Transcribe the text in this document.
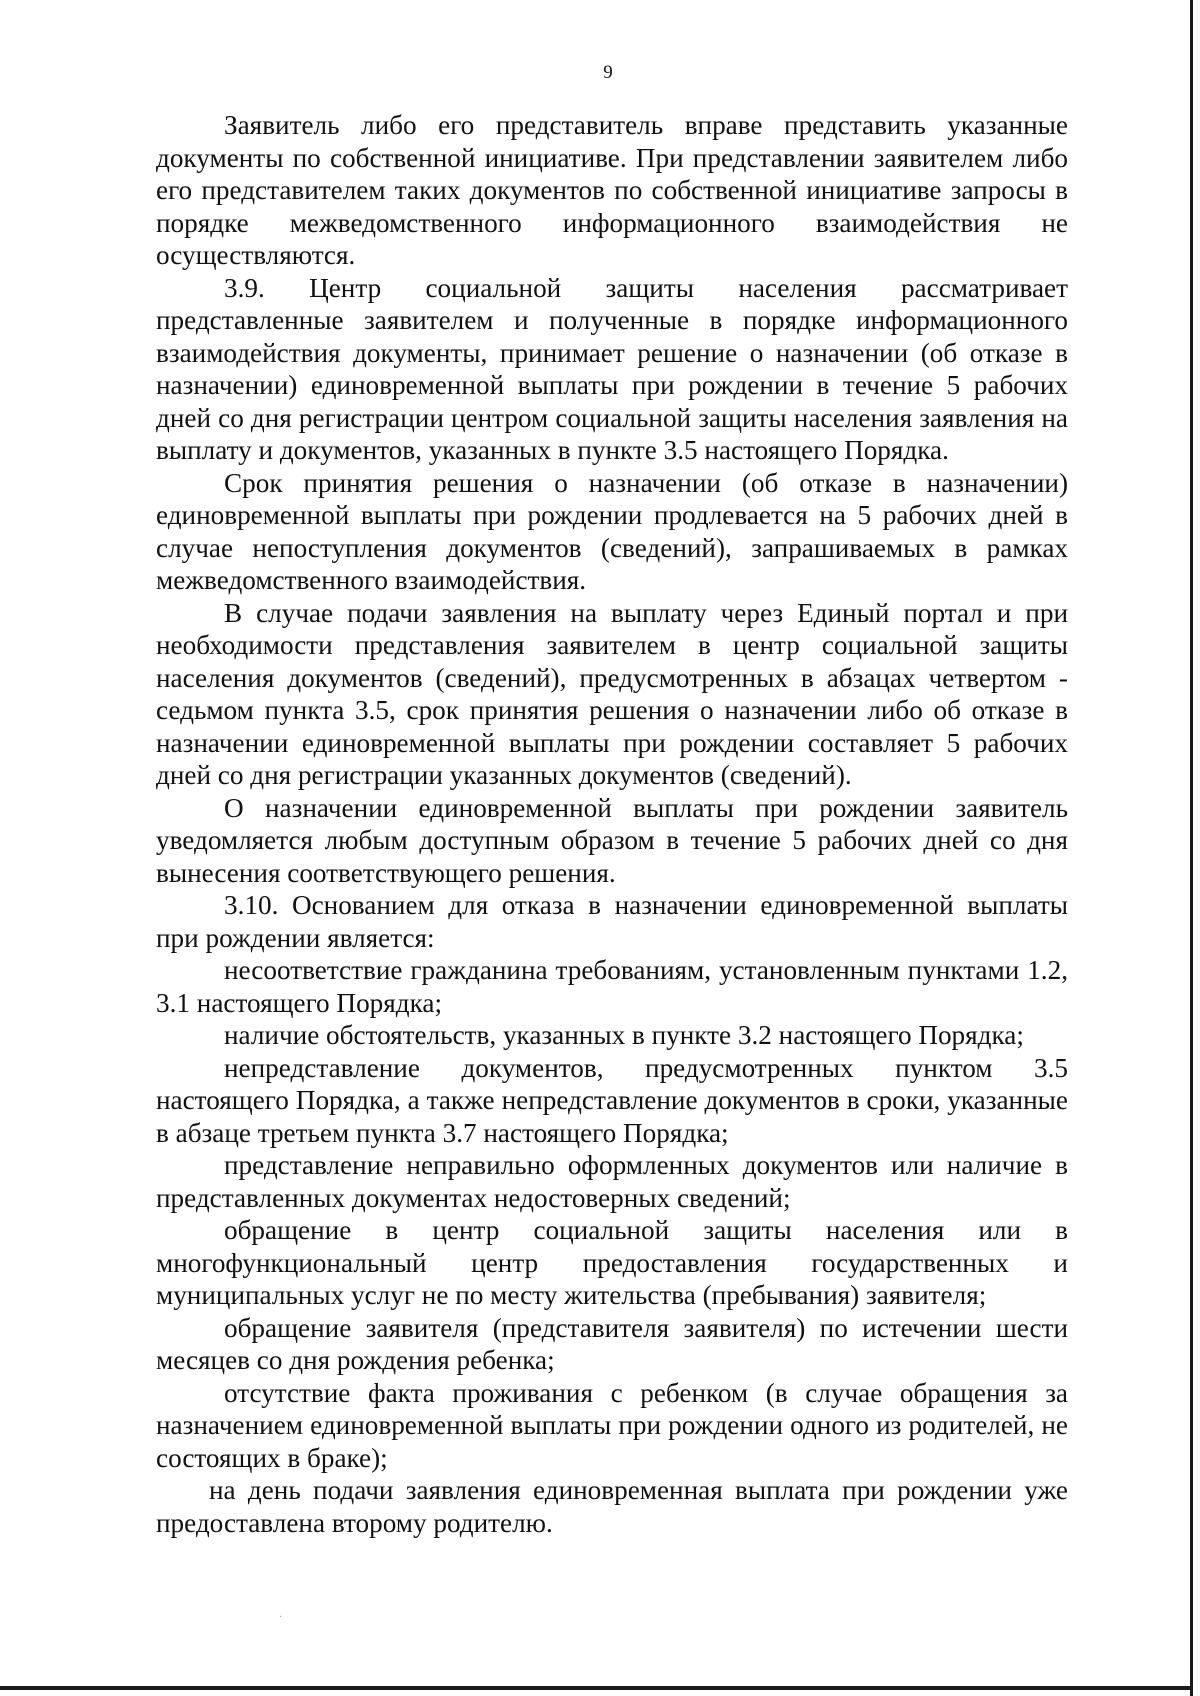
9

Заявитель либо его представитель вправе представить указанные документы по собственной инициативе. При представлении заявителем либо его представителем таких документов по собственной инициативе запросы в порядке межведомственного информационного взаимодействия не осуществляются.

3.9. Центр социальной защиты населения рассматривает представленные заявителем и полученные в порядке информационного взаимодействия документы, принимает решение о назначении (об отказе в назначении) единовременной выплаты при рождении в течение 5 рабочих дней со дня регистрации центром социальной защиты населения заявления на выплату и документов, указанных в пункте 3.5 настоящего Порядка.

Срок принятия решения о назначении (об отказе в назначении) единовременной выплаты при рождении продлевается на 5 рабочих дней в случае непоступления документов (сведений), запрашиваемых в рамках межведомственного взаимодействия.

В случае подачи заявления на выплату через Единый портал и при необходимости представления заявителем в центр социальной защиты населения документов (сведений), предусмотренных в абзацах четвертом - седьмом пункта 3.5, срок принятия решения о назначении либо об отказе в назначении единовременной выплаты при рождении составляет 5 рабочих дней со дня регистрации указанных документов (сведений).

О назначении единовременной выплаты при рождении заявитель уведомляется любым доступным образом в течение 5 рабочих дней со дня вынесения соответствующего решения.

3.10. Основанием для отказа в назначении единовременной выплаты при рождении является:

несоответствие гражданина требованиям, установленным пунктами 1.2, 3.1 настоящего Порядка;

наличие обстоятельств, указанных в пункте 3.2 настоящего Порядка;

непредставление документов, предусмотренных пунктом 3.5 настоящего Порядка, а также непредставление документов в сроки, указанные в абзаце третьем пункта 3.7 настоящего Порядка;

представление неправильно оформленных документов или наличие в представленных документах недостоверных сведений;

обращение в центр социальной защиты населения или в многофункциональный центр предоставления государственных и муниципальных услуг не по месту жительства (пребывания) заявителя;

обращение заявителя (представителя заявителя) по истечении шести месяцев со дня рождения ребенка;

отсутствие факта проживания с ребенком (в случае обращения за назначением единовременной выплаты при рождении одного из родителей, не состоящих в браке);

на день подачи заявления единовременная выплата при рождении уже предоставлена второму родителю.

·
